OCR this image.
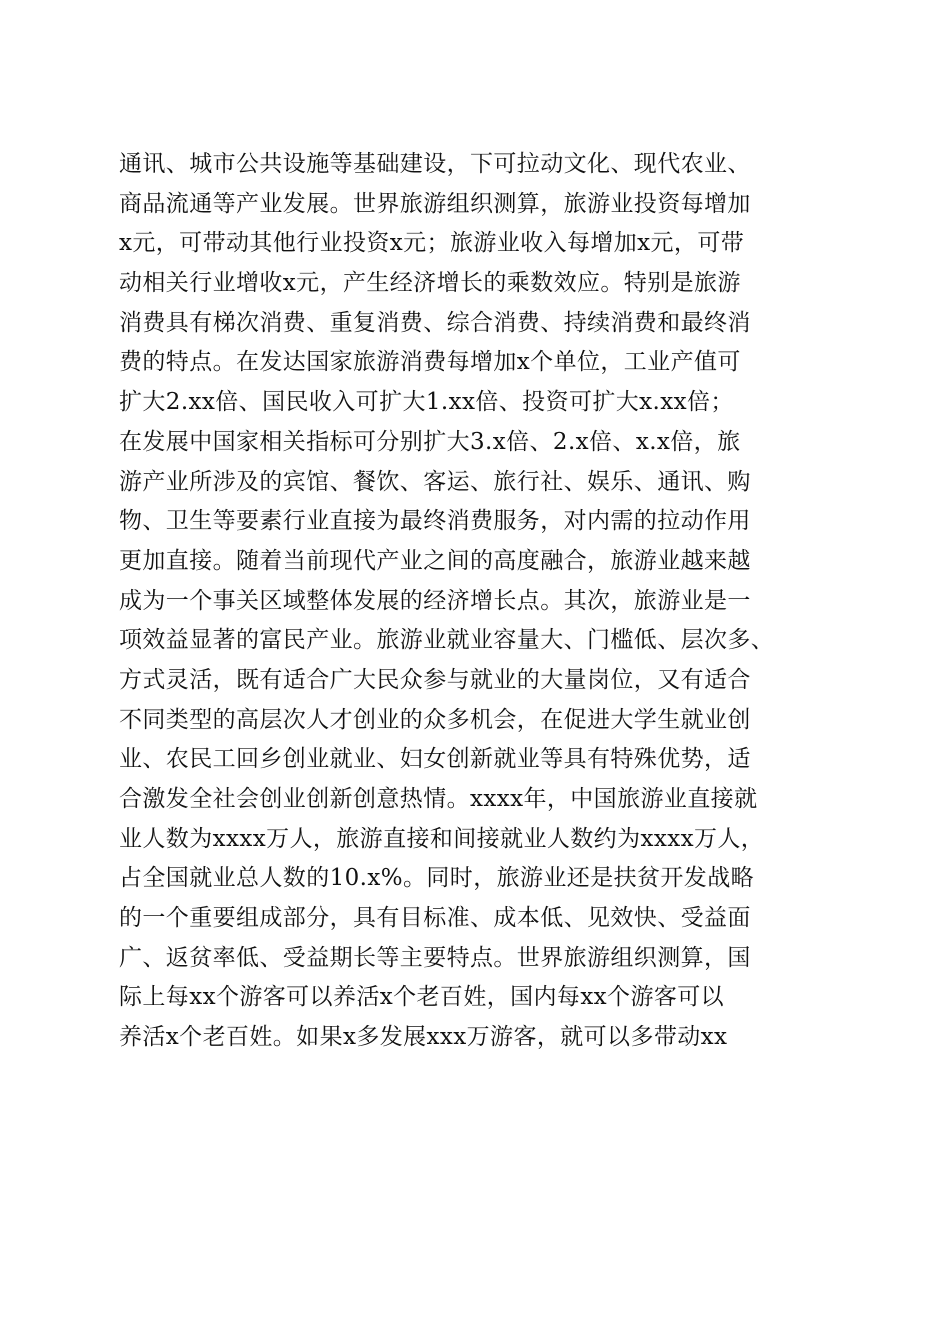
通讯、城市公共设施等基础建设，下可拉动文化、现代农业、
商品流通等产业发展。世界旅游组织测算，旅游业投资每增加
x元，可带动其他行业投资x元；旅游业收入每增加x元，可带
动相关行业增收x元，产生经济增长的乘数效应。特别是旅游
消费具有梯次消费、重复消费、综合消费、持续消费和最终消
费的特点。在发达国家旅游消费每增加x个单位，工业产值可
扩大2.xx倍、国民收入可扩大1.xx倍、投资可扩大x.xx倍；
在发展中国家相关指标可分别扩大3.x倍、2.x倍、x.x倍，旅
游产业所涉及的宾馆、餐饮、客运、旅行社、娱乐、通讯、购
物、卫生等要素行业直接为最终消费服务，对内需的拉动作用
更加直接。随着当前现代产业之间的高度融合，旅游业越来越
成为一个事关区域整体发展的经济增长点。其次，旅游业是一
项效益显著的富民产业。旅游业就业容量大、门槛低、层次多、
方式灵活，既有适合广大民众参与就业的大量岗位，又有适合
不同类型的高层次人才创业的众多机会，在促进大学生就业创
业、农民工回乡创业就业、妇女创新就业等具有特殊优势，适
合激发全社会创业创新创意热情。xxxx年，中国旅游业直接就
业人数为xxxx万人，旅游直接和间接就业人数约为xxxx万人，
占全国就业总人数的10.x%。同时，旅游业还是扶贫开发战略
的一个重要组成部分，具有目标准、成本低、见效快、受益面
广、返贫率低、受益期长等主要特点。世界旅游组织测算，国
际上每xx个游客可以养活x个老百姓，国内每xx个游客可以
养活x个老百姓。如果x多发展xxx万游客，就可以多带动xx
